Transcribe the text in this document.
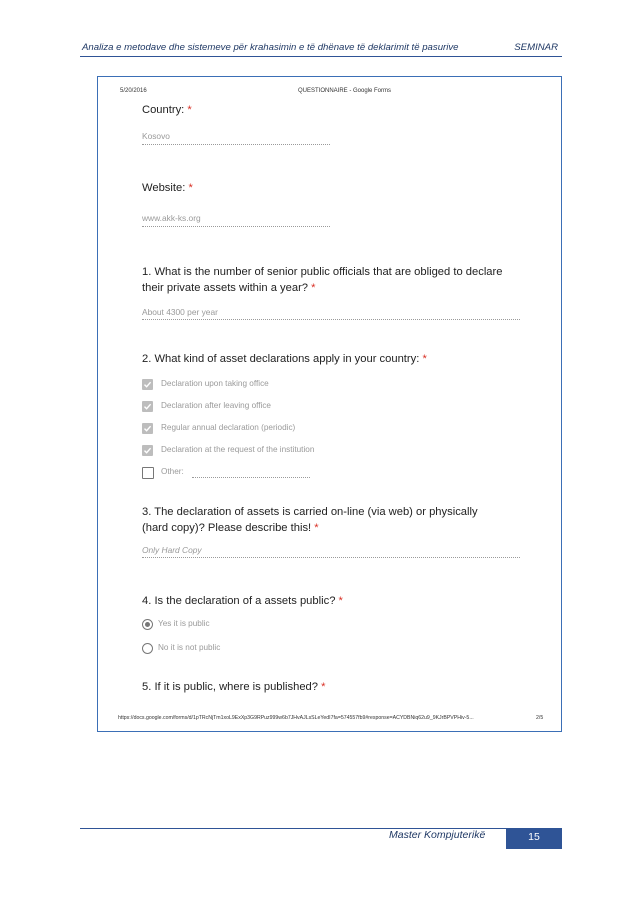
Analiza e metodave dhe sistemeve për krahasimin e të dhënave të deklarimit të pasurive	SEMINAR
5/20/2016	QUESTIONNAIRE - Google Forms
Country: *
Kosovo
Website: *
www.akk-ks.org
1. What is the number of senior public officials that are obliged to declare
their private assets within a year? *
About 4300 per year
2. What kind of asset declarations apply in your country: *
Declaration upon taking office
Declaration after leaving office
Regular annual declaration (periodic)
Declaration at the request of the institution
Other:
3. The declaration of assets is carried on-line (via web) or physically
(hard copy)? Please describe this! *
Only Hard Copy
4. Is the declaration of a assets public? *
Yes it is public
No it is not public
5. If it is public, where is published? *
https://docs.google.com/forms/d/1pTRcNjTm1xoL9ExXp3G9RPuz999w6b7JHvAJLsSLeYedI7fa=574557fb9#response=ACYDBNiq62u9_9KJrBPVPHiv-5...	2/5
Master Kompjuterikë	15
